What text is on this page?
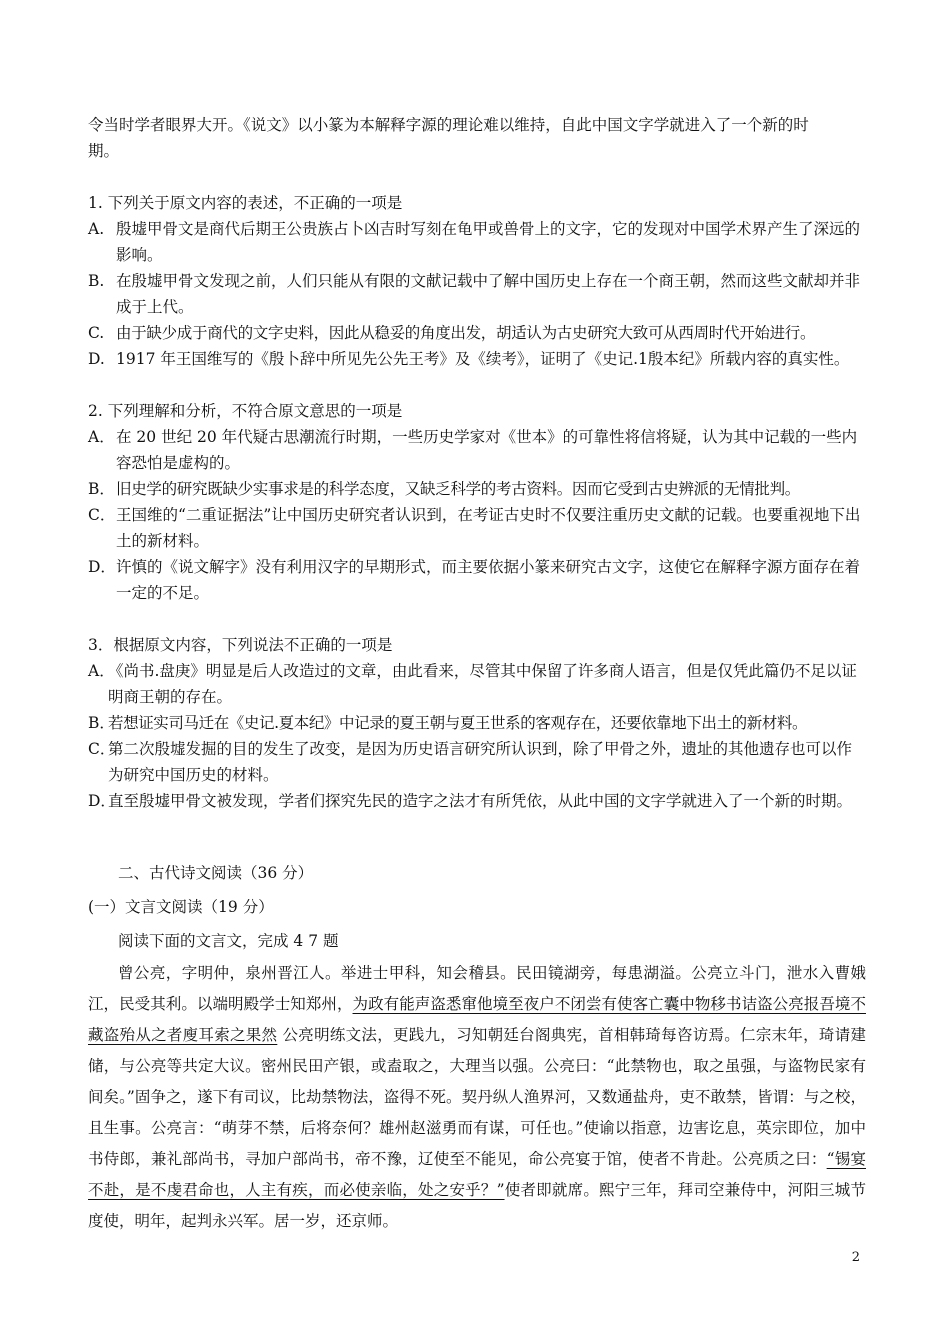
令当时学者眼界大开。《说文》以小篆为本解释字源的理论难以维持，自此中国文字学就进入了一个新的时
期。
1. 下列关于原文内容的表述，不正确的一项是
A. 殷墟甲骨文是商代后期王公贵族占卜凶吉时写刻在龟甲或兽骨上的文字，它的发现对中国学术界产生了深远的影响。
B. 在殷墟甲骨文发现之前，人们只能从有限的文献记载中了解中国历史上存在一个商王朝，然而这些文献却并非成于上代。
C. 由于缺少成于商代的文字史料，因此从稳妥的角度出发，胡适认为古史研究大致可从西周时代开始进行。
D. 1917 年王国维写的《殷卜辞中所见先公先王考》及《续考》，证明了《史记.1殷本纪》所载内容的真实性。
2. 下列理解和分析，不符合原文意思的一项是
A． 在 20 世纪 20 年代疑古思潮流行时期，一些历史学家对《世本》的可靠性将信将疑，认为其中记载的一些内容恐怕是虚构的。
B． 旧史学的研究既缺少实事求是的科学态度，又缺乏科学的考古资料。因而它受到古史辨派的无情批判。
C． 王国维的“二重证据法”让中国历史研究者认识到，在考证古史时不仅要注重历史文献的记载。也要重视地下出土的新材料。
D． 许慎的《说文解字》没有利用汉字的早期形式，而主要依据小篆来研究古文字，这使它在解释字源方面存在着一定的不足。
3．根据原文内容，下列说法不正确的一项是
A．
《尚书.盘庚》明显是后人改造过的文章，由此看来，尽管其中保留了许多商人语言，但是仅凭此篇仍不足以证明商王朝的存在。
B．
若想证实司马迁在《史记.夏本纪》中记录的夏王朝与夏王世系的客观存在，还要依靠地下出土的新材料。
C．
第二次殷墟发掘的目的发生了改变，是因为历史语言研究所认识到，除了甲骨之外，遗址的其他遗存也可以作为研究中国历史的材料。
D．
直至殷墟甲骨文被发现，学者们探究先民的造字之法才有所凭依，从此中国的文字学就进入了一个新的时期。
二、古代诗文阅读（36 分）
(一）文言文阅读（19 分）
阅读下面的文言文，完成 4 7 题

曾公亮，字明仲，泉州晋江人。举进士甲科，知会稽县。民田镜湖旁，每患湖溢。公亮立斗门，泄水入曹娥江，民受其利。以端明殿学士知郑州，为政有能声盗悉窜他境至夜户不闭尝有使客亡囊中物移书诘盗公亮报吾境不藏盗殆从之者廋耳索之果然 公亮明练文法，更践九，习知朝廷台阁典宪，首相韩琦每咨访焉。仁宗末年，琦请建储，与公亮等共定大议。密州民田产银，或盍取之，大理当以强。公亮曰：“此禁物也，取之虽强，与盗物民家有间矣。”固争之，遂下有司议，比劫禁物法，盗得不死。契丹纵人渔界河，又数通盐舟，吏不敢禁，皆谓：与之校，且生事。公亮言：“萌芽不禁，后将奈何？雄州赵滋勇而有谋，可任也。”使谕以指意，边害讫息，英宗即位，加中书侍郎，兼礼部尚书，寻加户部尚书，帝不豫，辽使至不能见，命公亮宴于馆，使者不肯赴。公亮质之曰：“锡宴不赴，是不虔君命也，人主有疾，而必使亲临，处之安乎？”使者即就席。熙宁三年，拜司空兼侍中，河阳三城节度使，明年，起判永兴军。居一岁，还京师。

2
